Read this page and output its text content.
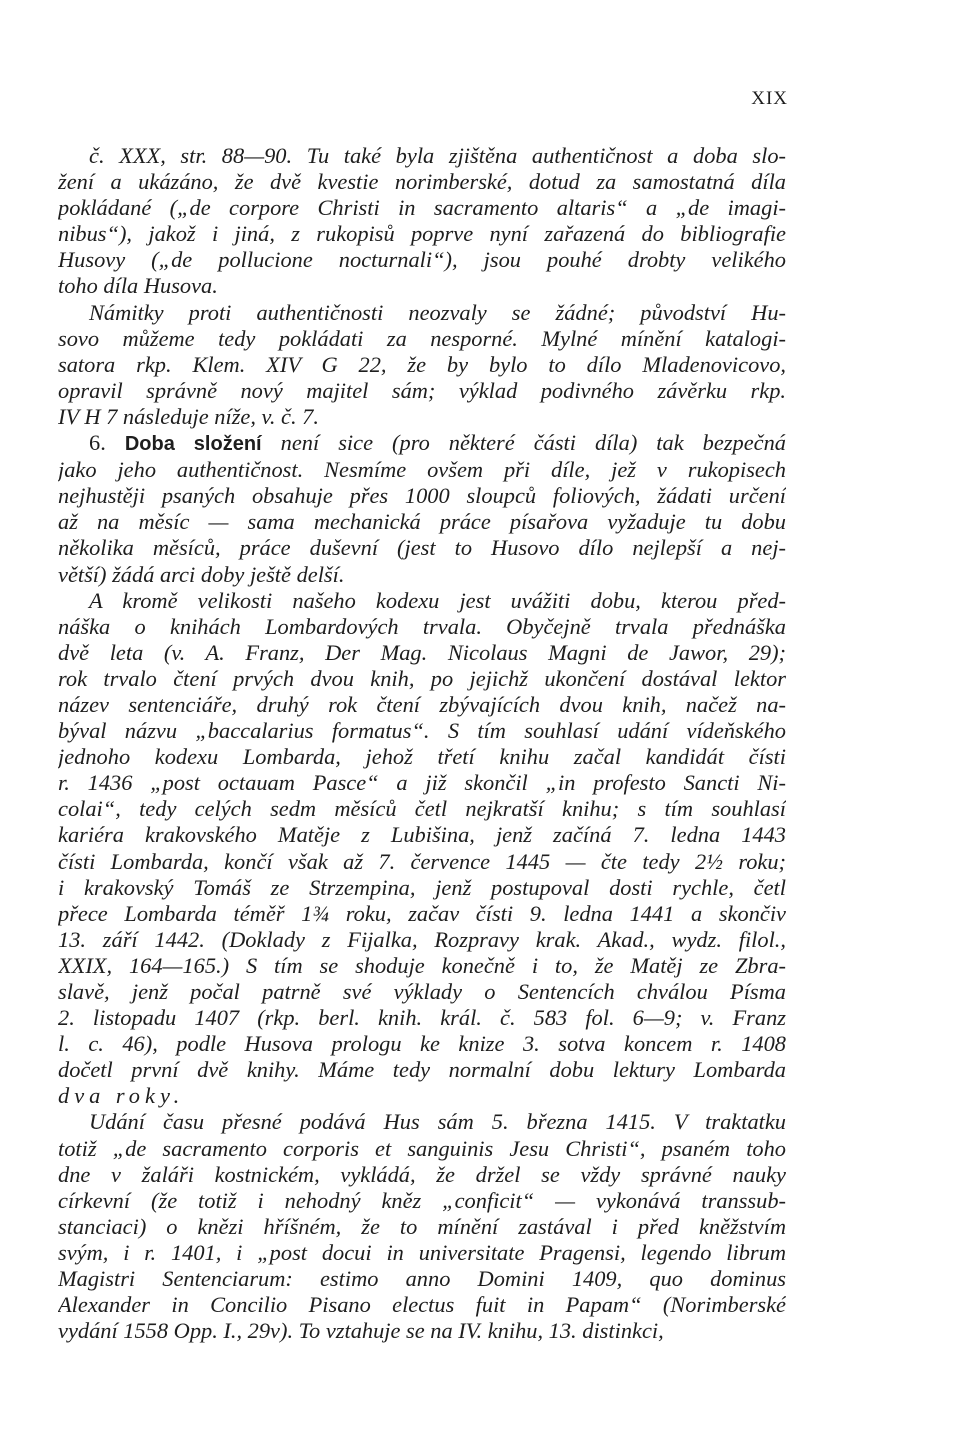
XIX

č. XXX, str. 88—90. Tu také byla zjištěna authentičnost a doba slo-
žení a ukázáno, že dvě kvestie norimberské, dotud za samostatná díla
pokládané („de corpore Christi in sacramento altaris“ a „de imagi-
nibus“), jakož i jiná, z rukopisů poprve nyní zařazená do bibliografie
Husovy („de pollucione nocturnali“), jsou pouhé drobty velikého
toho díla Husova.

Námitky proti authentičnosti neozvaly se žádné; původství Hu-
sovo můžeme tedy pokládati za nesporné. Mylné mínění katalogi-
satora rkp. Klem. XIV G 22, že by bylo to dílo Mladenovicovo,
opravil správně nový majitel sám; výklad podivného závěrku rkp.
IV H 7 následuje níže, v. č. 7.

6. Doba složení není sice (pro některé části díla) tak bezpečná
jako jeho authentičnost. Nesmíme ovšem při díle, jež v rukopisech
nejhustěji psaných obsahuje přes 1000 sloupců foliových, žádati určení
až na měsíc — sama mechanická práce písařova vyžaduje tu dobu
několika měsíců, práce duševní (jest to Husovo dílo nejlepší a nej-
větší) žádá arci doby ještě delší.

A kromě velikosti našeho kodexu jest uvážiti dobu, kterou před-
náška o knihách Lombardových trvala. Obyčejně trvala přednáška
dvě leta (v. A. Franz, Der Mag. Nicolaus Magni de Jawor, 29);
rok trvalo čtení prvých dvou knih, po jejichž ukončení dostával lektor
název sentenciáře, druhý rok čtení zbývajících dvou knih, načež na-
býval názvu „baccalarius formatus“. S tím souhlasí udání vídeňského
jednoho kodexu Lombarda, jehož třetí knihu začal kandidát čísti
r. 1436 „post octauam Pasce“ a již skončil „in profesto Sancti Ni-
colai“, tedy celých sedm měsíců četl nejkratší knihu; s tím souhlasí
kariéra krakovského Matěje z Lubišina, jenž začíná 7. ledna 1443
čísti Lombarda, končí však až 7. července 1445 — čte tedy 2½ roku;
i krakovský Tomáš ze Strzempina, jenž postupoval dosti rychle, četl
přece Lombarda téměř 1¾ roku, začav čísti 9. ledna 1441 a skončiv
13. září 1442. (Doklady z Fijalka, Rozpravy krak. Akad., wydz. filol.,
XXIX, 164—165.) S tím se shoduje konečně i to, že Matěj ze Zbra-
slavě, jenž počal patrně své výklady o Sentencích chválou Písma
2. listopadu 1407 (rkp. berl. knih. král. č. 583 fol. 6—9; v. Franz
l. c. 46), podle Husova prologu ke knize 3. sotva koncem r. 1408
dočetl první dvě knihy. Máme tedy normalní dobu lektury Lombarda
dva roky.

Udání času přesné podává Hus sám 5. března 1415. V traktatku
totiž „de sacramento corporis et sanguinis Jesu Christi“, psaném toho
dne v žaláři kostnickém, vykládá, že držel se vždy správné nauky
církevní (že totiž i nehodný kněz „conficit“ — vykonává transsub-
stanciaci) o knězi hříšném, že to mínění zastával i před kněžstvím
svým, i r. 1401, i „post docui in universitate Pragensi, legendo librum
Magistri Sentenciarum: estimo anno Domini 1409, quo dominus
Alexander in Concilio Pisano electus fuit in Papam“ (Norimberské
vydání 1558 Opp. I., 29v). To vztahuje se na IV. knihu, 13. distinkci,
